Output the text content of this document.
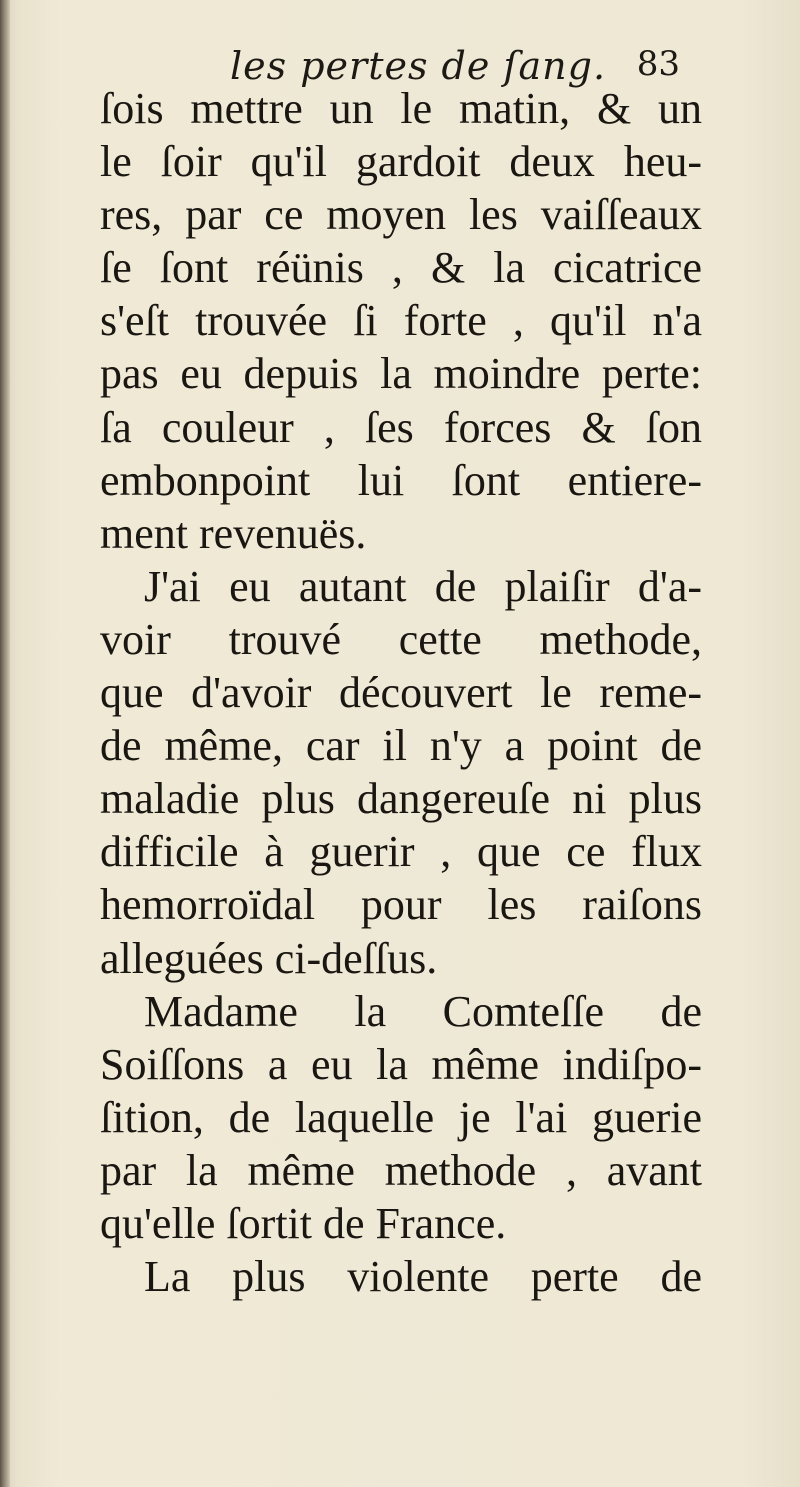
les pertes de ſang. 83
ſois mettre un le matin, & un
le ſoir qu'il gardoit deux heu-
res, par ce moyen les vaiſſeaux
ſe ſont réünis , & la cicatrice
s'eſt trouvée ſi forte , qu'il n'a
pas eu depuis la moindre perte:
ſa couleur , ſes forces & ſon
embonpoint lui ſont entiere-
ment revenuës.
J'ai eu autant de plaiſir d'a-
voir trouvé cette methode,
que d'avoir découvert le reme-
de même, car il n'y a point de
maladie plus dangereuſe ni plus
difficile à guerir , que ce flux
hemorroïdal pour les raiſons
alleguées ci-deſſus.
Madame la Comteſſe de
Soiſſons a eu la même indiſpo-
ſition, de laquelle je l'ai guerie
par la même methode , avant
qu'elle ſortit de France.
La plus violente perte de
